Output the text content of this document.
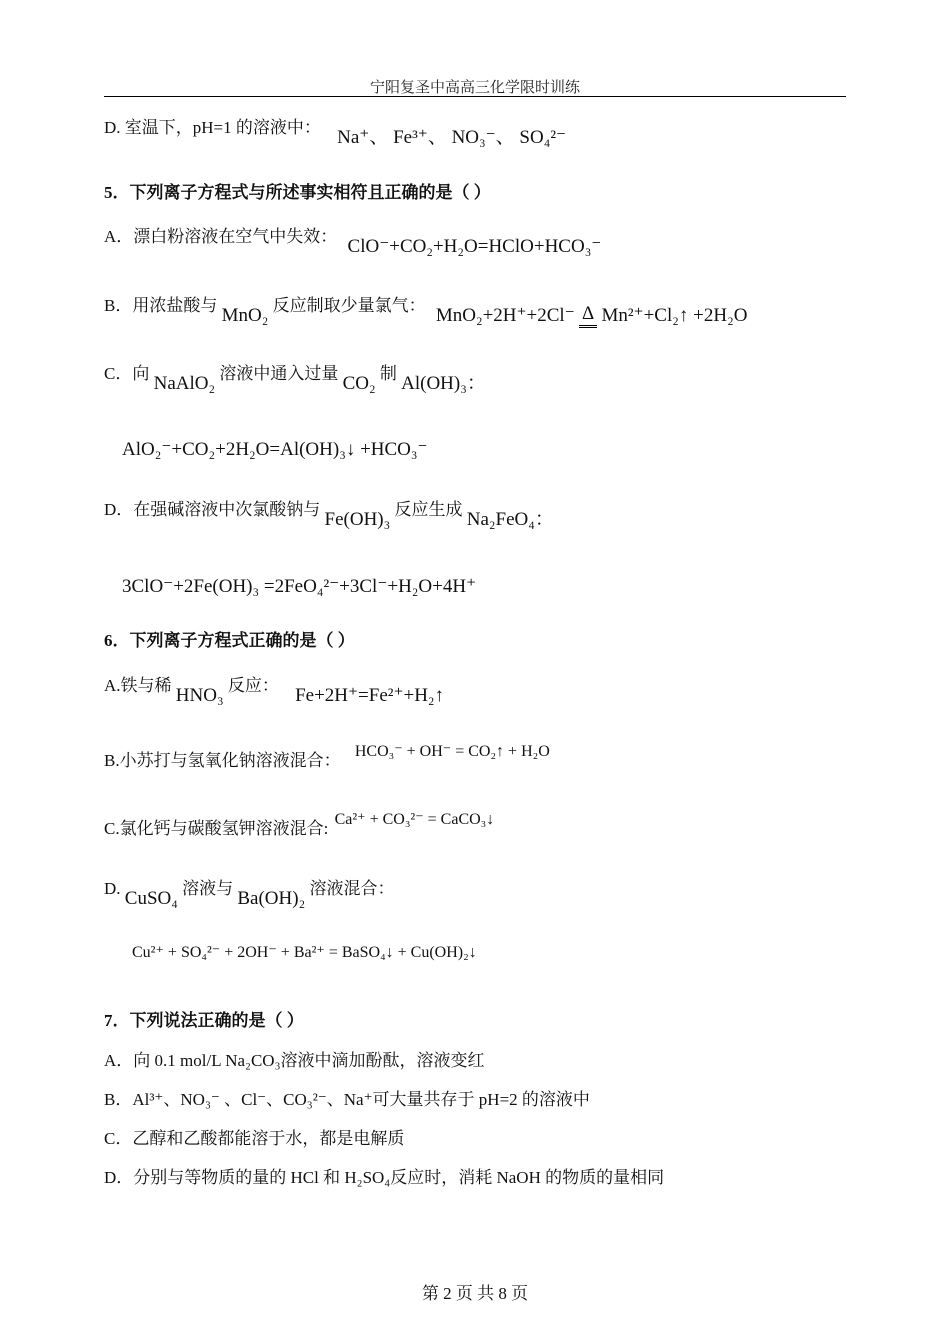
宁阳复圣中高高三化学限时训练
D. 室温下，pH=1 的溶液中： Na⁺、 Fe³⁺、 NO₃⁻、 SO₄²⁻
5．下列离子方程式与所述事实相符且正确的是（ ）
A．漂白粉溶液在空气中失效： ClO⁻+CO₂+H₂O=HClO+HCO₃⁻
B．用浓盐酸与 MnO₂ 反应制取少量氯气： MnO₂+2H⁺+2Cl⁻ Δ Mn²⁺+Cl₂↑ +2H₂O
C．向 NaAlO₂ 溶液中通入过量 CO₂ 制 Al(OH)₃：
AlO₂⁻+CO₂+2H₂O=Al(OH)₃↓ +HCO₃⁻
D．在强碱溶液中次氯酸钠与 Fe(OH)₃ 反应生成 Na₂FeO₄：
3ClO⁻+2Fe(OH)₃ =2FeO₄²⁻+3Cl⁻+H₂O+4H⁺
6．下列离子方程式正确的是（ ）
A.铁与稀 HNO₃ 反应： Fe+2H⁺=Fe²⁺+H₂↑
B.小苏打与氢氧化钠溶液混合： HCO₃⁻ + OH⁻ = CO₂↑ + H₂O
C.氯化钙与碳酸氢钾溶液混合: Ca²⁺ + CO₃²⁻ = CaCO₃↓
D. CuSO₄ 溶液与 Ba(OH)₂ 溶液混合：
Cu²⁺ + SO₄²⁻ + 2OH⁻ + Ba²⁺ = BaSO₄↓ + Cu(OH)₂↓
7．下列说法正确的是（ ）
A．向 0.1 mol/L Na₂CO₃溶液中滴加酚酞，溶液变红
B．Al³⁺、NO₃⁻ 、Cl⁻、CO₃²⁻、Na⁺可大量共存于 pH=2 的溶液中
C．乙醇和乙酸都能溶于水，都是电解质
D．分别与等物质的量的 HCl 和 H₂SO₄反应时，消耗 NaOH 的物质的量相同
第 2 页 共 8 页
